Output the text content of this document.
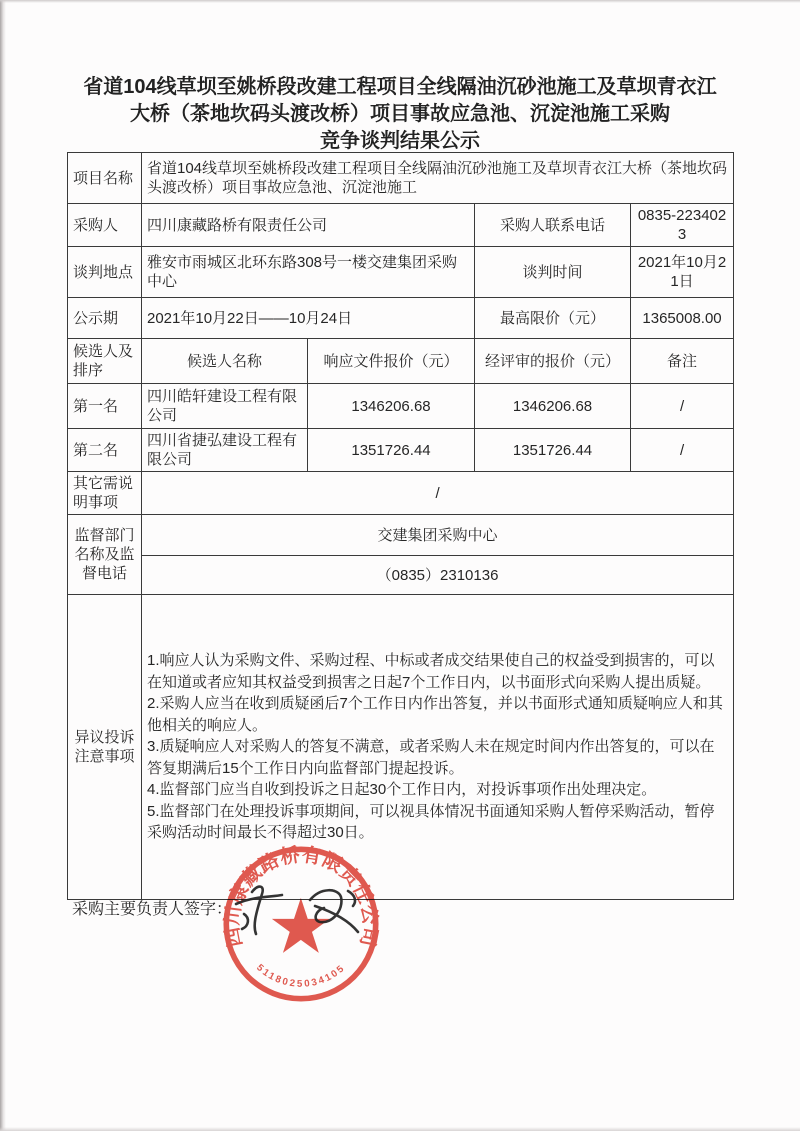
省道104线草坝至姚桥段改建工程项目全线隔油沉砂池施工及草坝青衣江
大桥（茶地坎码头渡改桥）项目事故应急池、沉淀池施工采购
竞争谈判结果公示
项目名称	省道104线草坝至姚桥段改建工程项目全线隔油沉砂池施工及草坝青衣江大桥（茶地坎码头渡改桥）项目事故应急池、沉淀池施工			
采购人	四川康藏路桥有限责任公司		采购人联系电话	0835-2234023
谈判地点	雅安市雨城区北环东路308号一楼交建集团采购中心		谈判时间	2021年10月21日
公示期	2021年10月22日——10月24日		最高限价（元）	1365008.00
候选人及排序	候选人名称	响应文件报价（元）	经评审的报价（元）	备注
第一名	四川皓轩建设工程有限公司	1346206.68	1346206.68	/
第二名	四川省捷弘建设工程有限公司	1351726.44	1351726.44	/
其它需说明事项	/			
监督部门名称及监督电话	交建集团采购中心			
	（0835）2310136			
异议投诉注意事项	1.响应人认为采购文件、采购过程、中标或者成交结果使自己的权益受到损害的，可以在知道或者应知其权益受到损害之日起7个工作日内，以书面形式向采购人提出质疑。
2.采购人应当在收到质疑函后7个工作日内作出答复，并以书面形式通知质疑响应人和其他相关的响应人。
3.质疑响应人对采购人的答复不满意，或者采购人未在规定时间内作出答复的，可以在答复期满后15个工作日内向监督部门提起投诉。
4.监督部门应当自收到投诉之日起30个工作日内，对投诉事项作出处理决定。
5.监督部门在处理投诉事项期间，可以视具体情况书面通知采购人暂停采购活动，暂停采购活动时间最长不得超过30日。			
采购主要负责人签字：
四川康藏路桥有限责任公司
5118025034105
★
